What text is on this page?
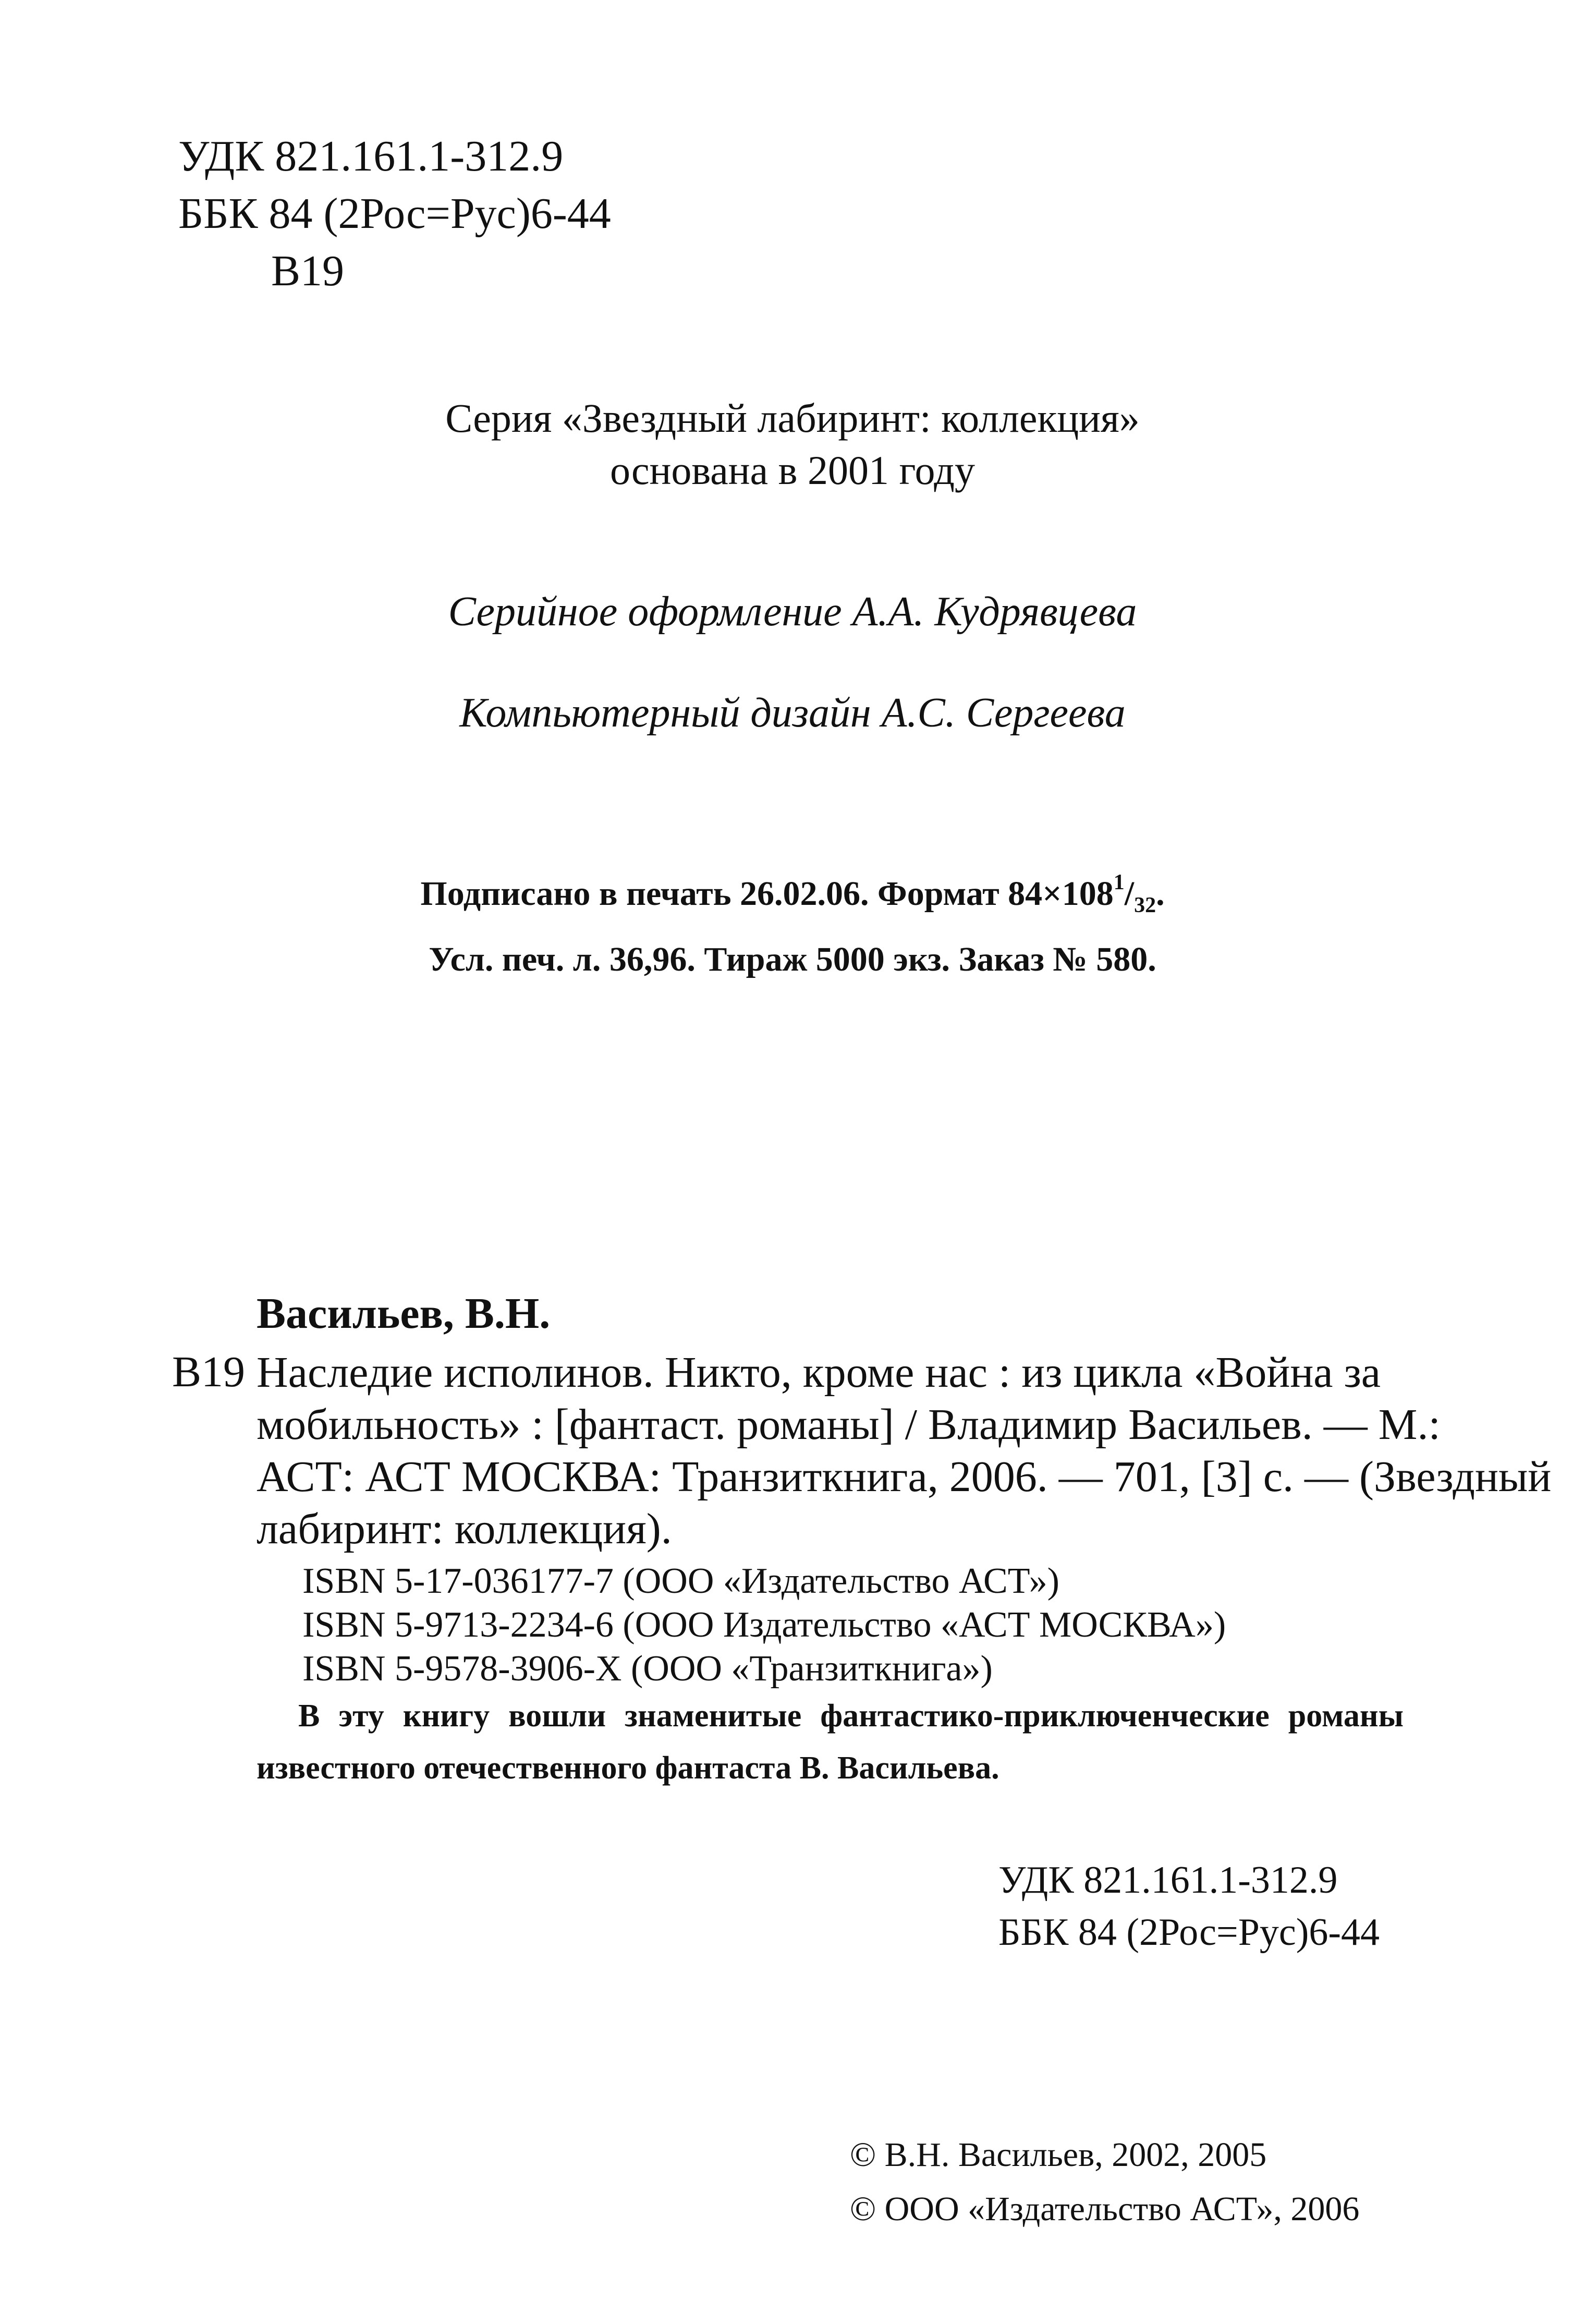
УДК 821.161.1-312.9
ББК 84 (2Рос=Рус)6-44
В19
Серия «Звездный лабиринт: коллекция»
основана в 2001 году
Серийное оформление А.А. Кудрявцева
Компьютерный дизайн А.С. Сергеева
Подписано в печать 26.02.06. Формат $84\times 108^1/_{32}$.
Усл. печ. л. 36,96. Тираж 5000 экз. Заказ № 580.
Васильев, В.Н.
В19 Наследие исполинов. Никто, кроме нас : из цикла «Война за
мобильность» : [фантаст. романы] / Владимир Васильев. — М.:
АСТ: АСТ МОСКВА: Транзиткнига, 2006. — 701, [3] с. — (Звездный
лабиринт: коллекция).
ISBN 5-17-036177-7 (ООО «Издательство АСТ»)
ISBN 5-9713-2234-6 (ООО Издательство «АСТ МОСКВА»)
ISBN 5-9578-3906-Х (ООО «Транзиткнига»)
В эту книгу вошли знаменитые фантастико-приключенческие романы
известного отечественного фантаста В. Васильева.
УДК 821.161.1-312.9
ББК 84 (2Рос=Рус)6-44
© В.Н. Васильев, 2002, 2005
© ООО «Издательство АСТ», 2006
